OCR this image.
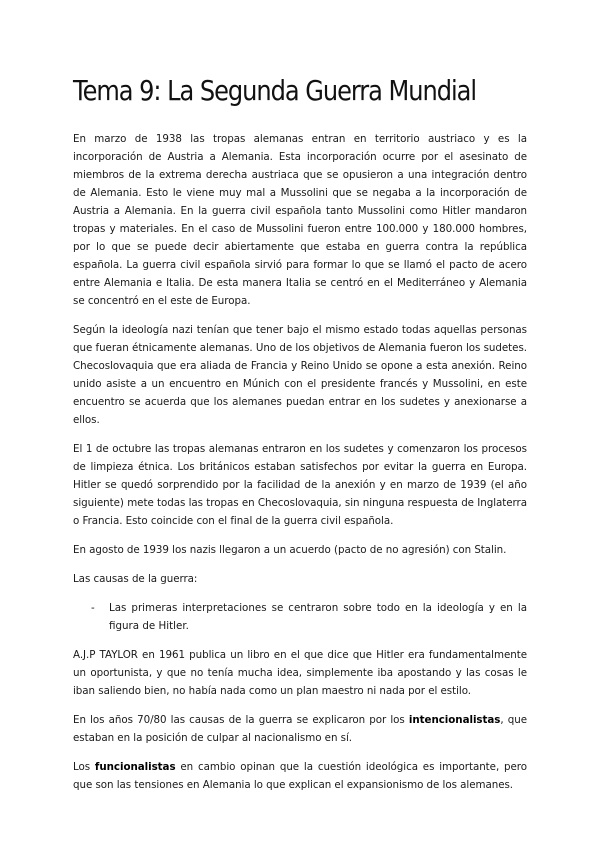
Tema 9: La Segunda Guerra Mundial

En marzo de 1938 las tropas alemanas entran en territorio austriaco y es la incorporación de Austria a Alemania. Esta incorporación ocurre por el asesinato de miembros de la extrema derecha austriaca que se opusieron a una integración dentro de Alemania. Esto le viene muy mal a Mussolini que se negaba a la incorporación de Austria a Alemania. En la guerra civil española tanto Mussolini como Hitler mandaron tropas y materiales. En el caso de Mussolini fueron entre 100.000 y 180.000 hombres, por lo que se puede decir abiertamente que estaba en guerra contra la república española. La guerra civil española sirvió para formar lo que se llamó el pacto de acero entre Alemania e Italia. De esta manera Italia se centró en el Mediterráneo y Alemania se concentró en el este de Europa.

Según la ideología nazi tenían que tener bajo el mismo estado todas aquellas personas que fueran étnicamente alemanas. Uno de los objetivos de Alemania fueron los sudetes. Checoslovaquia que era aliada de Francia y Reino Unido se opone a esta anexión. Reino unido asiste a un encuentro en Múnich con el presidente francés y Mussolini, en este encuentro se acuerda que los alemanes puedan entrar en los sudetes y anexionarse a ellos.

El 1 de octubre las tropas alemanas entraron en los sudetes y comenzaron los procesos de limpieza étnica. Los británicos estaban satisfechos por evitar la guerra en Europa. Hitler se quedó sorprendido por la facilidad de la anexión y en marzo de 1939 (el año siguiente) mete todas las tropas en Checoslovaquia, sin ninguna respuesta de Inglaterra o Francia. Esto coincide con el final de la guerra civil española.

En agosto de 1939 los nazis llegaron a un acuerdo (pacto de no agresión) con Stalin.

Las causas de la guerra:

-	Las primeras interpretaciones se centraron sobre todo en la ideología y en la figura de Hitler.

A.J.P TAYLOR en 1961 publica un libro en el que dice que Hitler era fundamentalmente un oportunista, y que no tenía mucha idea, simplemente iba apostando y las cosas le iban saliendo bien, no había nada como un plan maestro ni nada por el estilo.

En los años 70/80 las causas de la guerra se explicaron por los intencionalistas, que estaban en la posición de culpar al nacionalismo en sí.

Los funcionalistas en cambio opinan que la cuestión ideológica es importante, pero que son las tensiones en Alemania lo que explican el expansionismo de los alemanes.
